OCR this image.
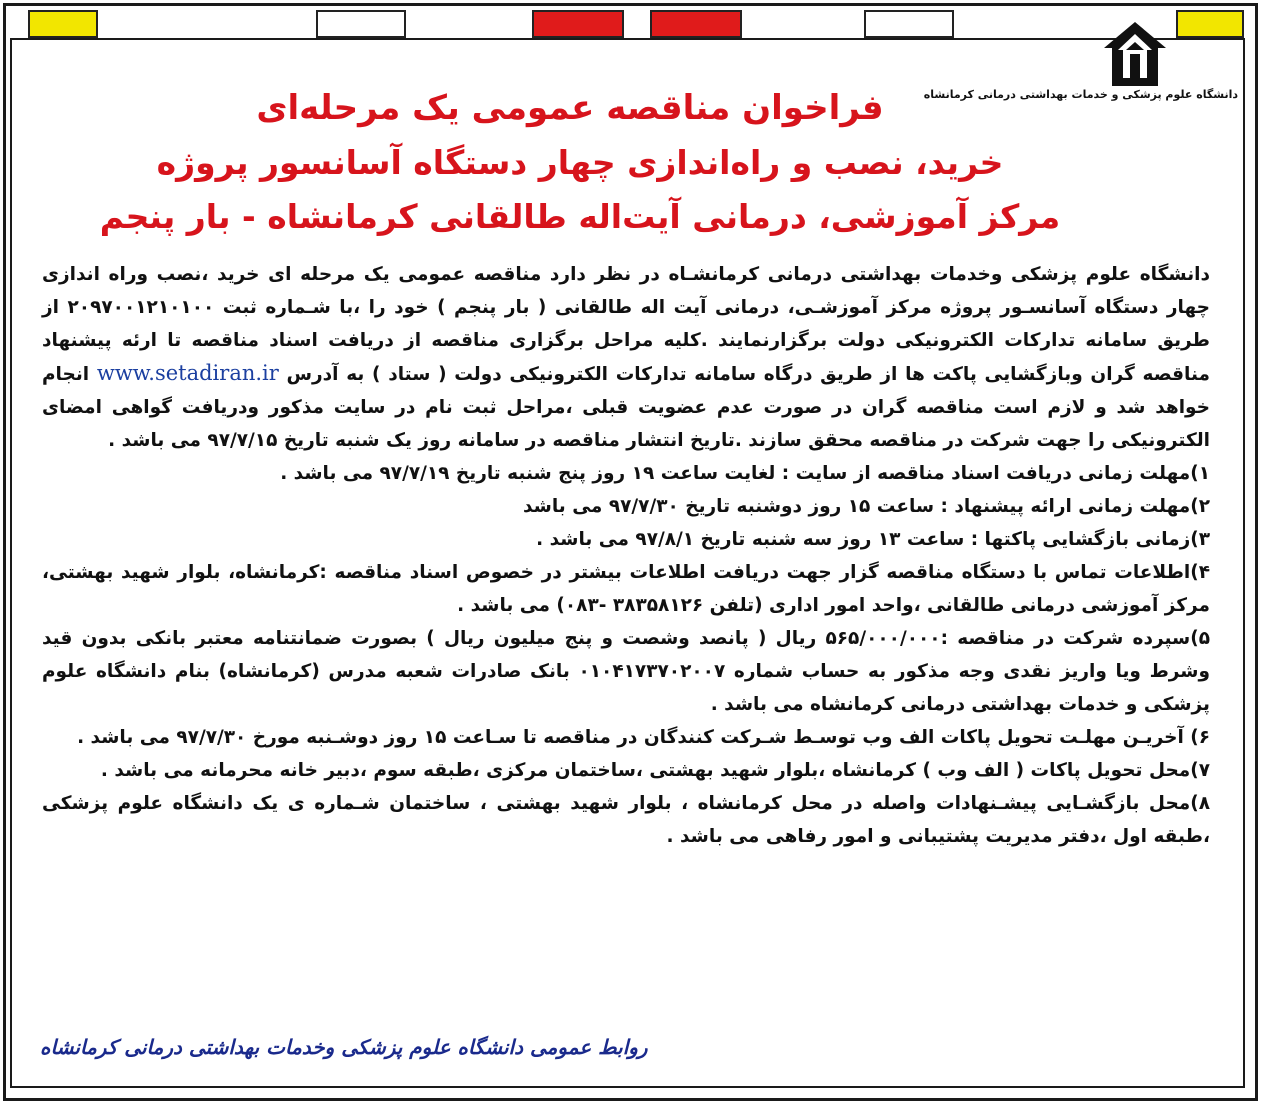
دانشگاه علوم پزشکی و خدمات بهداشتی درمانی کرمانشاه
فراخوان مناقصه عمومی یک مرحله‌ای
خرید، نصب و راه‌اندازی چهار دستگاه آسانسور پروژه
مرکز آموزشی، درمانی آیت‌اله طالقانی کرمانشاه - بار پنجم

دانشگاه علوم پزشکی وخدمات بهداشتی درمانی کرمانشـاه در نظر دارد مناقصه عمومی یک مرحله ای خرید ،نصب وراه اندازی چهار دستگاه آسانسـور پروژه مرکز آموزشـی، درمانی آیت اله طالقانی ( بار پنجم ) خود را ،با شـماره ثبت ۲۰۹۷۰۰۱۲۱۰۱۰۰ از طریق سامانه تدارکات الکترونیکی دولت برگزارنمایند .کلیه مراحل برگزاری مناقصه از دریافت اسناد مناقصه تا ارئه پیشنهاد مناقصه گران وبازگشایی پاکت ها از طریق درگاه سامانه تدارکات الکترونیکی دولت ( ستاد ) به آدرس www.setadiran.ir انجام خواهد شد و لازم است مناقصه گران در صورت عدم عضویت قبلی ،مراحل ثبت نام در سایت مذکور ودریافت گواهی امضای الکترونیکی را جهت شرکت در مناقصه محقق سازند .تاریخ انتشار مناقصه در سامانه روز یک شنبه تاریخ ۹۷/۷/۱۵ می باشد .

۱)مهلت زمانی دریافت اسناد مناقصه از سایت : لغایت ساعت ۱۹ روز پنج شنبه تاریخ ۹۷/۷/۱۹ می باشد .
۲)مهلت زمانی ارائه پیشنهاد : ساعت ۱۵ روز دوشنبه تاریخ ۹۷/۷/۳۰ می باشد
۳)زمانی بازگشایی پاکتها : ساعت ۱۳ روز سه شنبه تاریخ ۹۷/۸/۱ می باشد .
۴)اطلاعات تماس با دستگاه مناقصه گزار جهت دریافت اطلاعات بیشتر در خصوص اسناد مناقصه :کرمانشاه، بلوار شهید بهشتی، مرکز آموزشی درمانی طالقانی ،واحد امور اداری (تلفن ۳۸۳۵۸۱۲۶ -۰۸۳) می باشد .
۵)سپرده شرکت در مناقصه :۵۶۵/۰۰۰/۰۰۰ ریال ( پانصد وشصت و پنج میلیون ریال ) بصورت ضمانتنامه معتبر بانکی بدون قید وشرط ویا واریز نقدی وجه مذکور به حساب شماره ۰۱۰۴۱۷۳۷۰۲۰۰۷ بانک صادرات شعبه مدرس (کرمانشاه) بنام دانشگاه علوم پزشکی و خدمات بهداشتی درمانی کرمانشاه می باشد .
۶) آخریـن مهلـت تحویل پاکات الف وب توسـط شـرکت کنندگان در مناقصه تا سـاعت ۱۵ روز دوشـنبه مورخ ۹۷/۷/۳۰ می باشد .
۷)محل تحویل پاکات ( الف وب ) کرمانشاه ،بلوار شهید بهشتی ،ساختمان مرکزی ،طبقه سوم ،دبیر خانه محرمانه می باشد .
۸)محل بازگشـایی پیشـنهادات واصله در محل کرمانشاه ، بلوار شهید بهشتی ، ساختمان شـماره ی یک دانشگاه علوم پزشکی ،طبقه اول ،دفتر مدیریت پشتیبانی و امور رفاهی می باشد .
روابط عمومی دانشگاه علوم پزشکی وخدمات بهداشتی درمانی کرمانشاه
